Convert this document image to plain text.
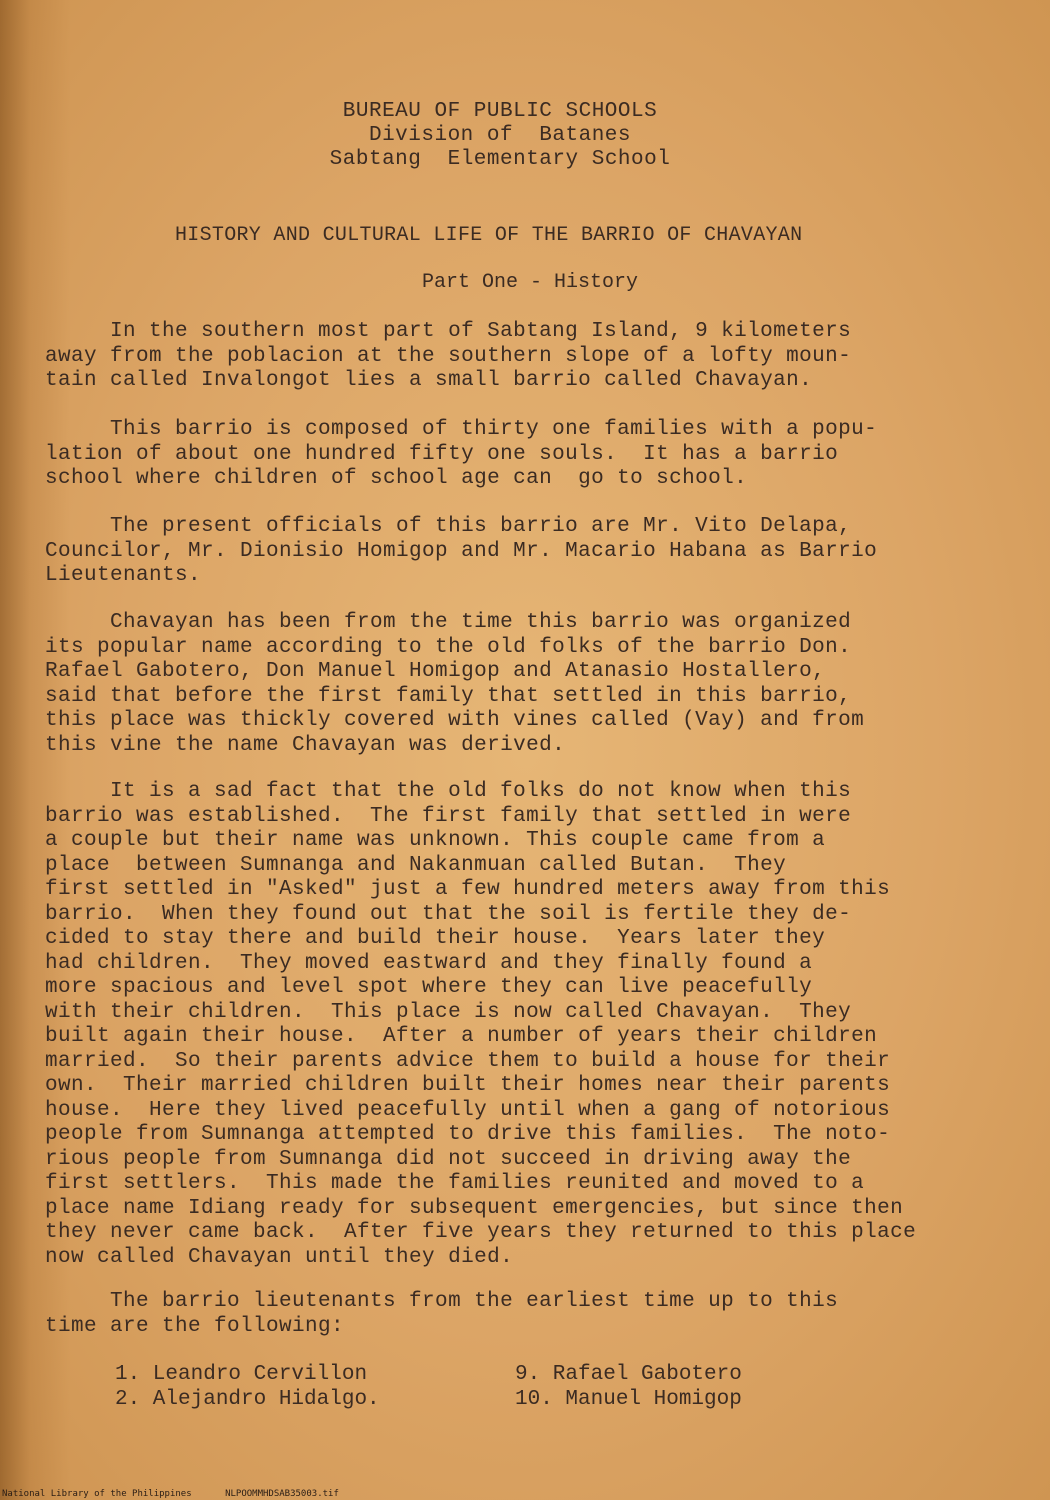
BUREAU OF PUBLIC SCHOOLS
Division of  Batanes
Sabtang  Elementary School
HISTORY AND CULTURAL LIFE OF THE BARRIO OF CHAVAYAN
Part One - History
In the southern most part of Sabtang Island, 9 kilometers
away from the poblacion at the southern slope of a lofty moun-
tain called Invalongot lies a small barrio called Chavayan.
This barrio is composed of thirty one families with a popu-
lation of about one hundred fifty one souls.  It has a barrio
school where children of school age can  go to school.
The present officials of this barrio are Mr. Vito Delapa,
Councilor, Mr. Dionisio Homigop and Mr. Macario Habana as Barrio
Lieutenants.
Chavayan has been from the time this barrio was organized
its popular name according to the old folks of the barrio Don.
Rafael Gabotero, Don Manuel Homigop and Atanasio Hostallero,
said that before the first family that settled in this barrio,
this place was thickly covered with vines called (Vay) and from
this vine the name Chavayan was derived.
It is a sad fact that the old folks do not know when this
barrio was established.  The first family that settled in were
a couple but their name was unknown. This couple came from a
place  between Sumnanga and Nakanmuan called Butan.  They
first settled in "Asked" just a few hundred meters away from this
barrio.  When they found out that the soil is fertile they de-
cided to stay there and build their house.  Years later they
had children.  They moved eastward and they finally found a
more spacious and level spot where they can live peacefully
with their children.  This place is now called Chavayan.  They
built again their house.  After a number of years their children
married.  So their parents advice them to build a house for their
own.  Their married children built their homes near their parents
house.  Here they lived peacefully until when a gang of notorious
people from Sumnanga attempted to drive this families.  The noto-
rious people from Sumnanga did not succeed in driving away the
first settlers.  This made the families reunited and moved to a
place name Idiang ready for subsequent emergencies, but since then
they never came back.  After five years they returned to this place
now called Chavayan until they died.
The barrio lieutenants from the earliest time up to this
time are the following:
1. Leandro Cervillon	9. Rafael Gabotero
2. Alejandro Hidalgo.	10. Manuel Homigop
National Library of the Philippines	NLPOOMMHDSAB35003.tif
